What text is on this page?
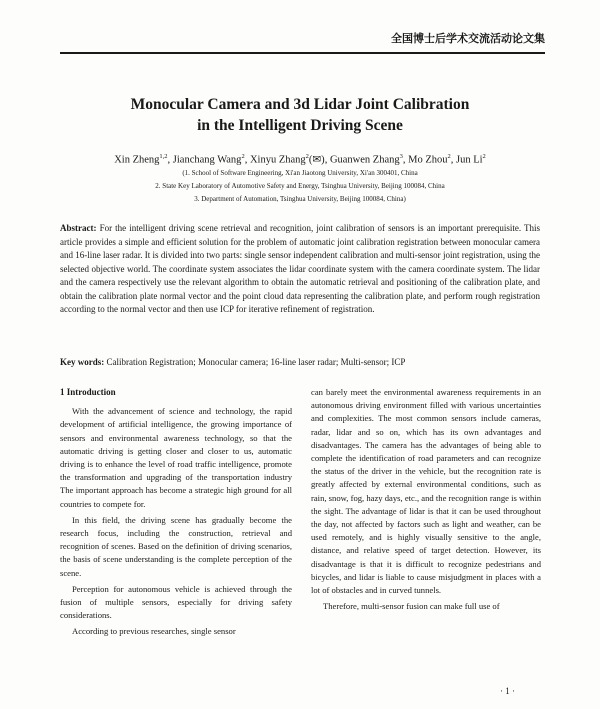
全国博士后学术交流活动论文集
Monocular Camera and 3d Lidar Joint Calibration
in the Intelligent Driving Scene
Xin Zheng$^{1,2}$, Jianchang Wang$^2$, Xinyu Zhang$^2$(✉), Guanwen Zhang$^3$, Mo Zhou$^2$, Jun Li$^2$
(1. School of Software Engineering, Xi'an Jiaotong University, Xi'an 300401, China
2. State Key Laboratory of Automotive Safety and Energy, Tsinghua University, Beijing 100084, China
3. Department of Automation, Tsinghua University, Beijing 100084, China)
Abstract: For the intelligent driving scene retrieval and recognition, joint calibration of sensors is an important prerequisite. This article provides a simple and efficient solution for the problem of automatic joint calibration registration between monocular camera and 16-line laser radar. It is divided into two parts: single sensor independent calibration and multi-sensor joint registration, using the selected objective world. The coordinate system associates the lidar coordinate system with the camera coordinate system. The lidar and the camera respectively use the relevant algorithm to obtain the automatic retrieval and positioning of the calibration plate, and obtain the calibration plate normal vector and the point cloud data representing the calibration plate, and perform rough registration according to the normal vector and then use ICP for iterative refinement of registration.
Key words: Calibration Registration; Monocular camera; 16-line laser radar; Multi-sensor; ICP
1 Introduction

With the advancement of science and technology, the rapid development of artificial intelligence, the growing importance of sensors and environmental awareness technology, so that the automatic driving is getting closer and closer to us, automatic driving is to enhance the level of road traffic intelligence, promote the transformation and upgrading of the transportation industry The important approach has become a strategic high ground for all countries to compete for.

In this field, the driving scene has gradually become the research focus, including the construction, retrieval and recognition of scenes. Based on the definition of driving scenarios, the basis of scene understanding is the complete perception of the scene.

Perception for autonomous vehicle is achieved through the fusion of multiple sensors, especially for driving safety considerations.

According to previous researches, single sensor

can barely meet the environmental awareness requirements in an autonomous driving environment filled with various uncertainties and complexities. The most common sensors include cameras, radar, lidar and so on, which has its own advantages and disadvantages. The camera has the advantages of being able to complete the identification of road parameters and can recognize the status of the driver in the vehicle, but the recognition rate is greatly affected by external environmental conditions, such as rain, snow, fog, hazy days, etc., and the recognition range is within the sight. The advantage of lidar is that it can be used throughout the day, not affected by factors such as light and weather, can be used remotely, and is highly visually sensitive to the angle, distance, and relative speed of target detection. However, its disadvantage is that it is difficult to recognize pedestrians and bicycles, and lidar is liable to cause misjudgment in places with a lot of obstacles and in curved tunnels.

Therefore, multi-sensor fusion can make full use of

· 1 ·
